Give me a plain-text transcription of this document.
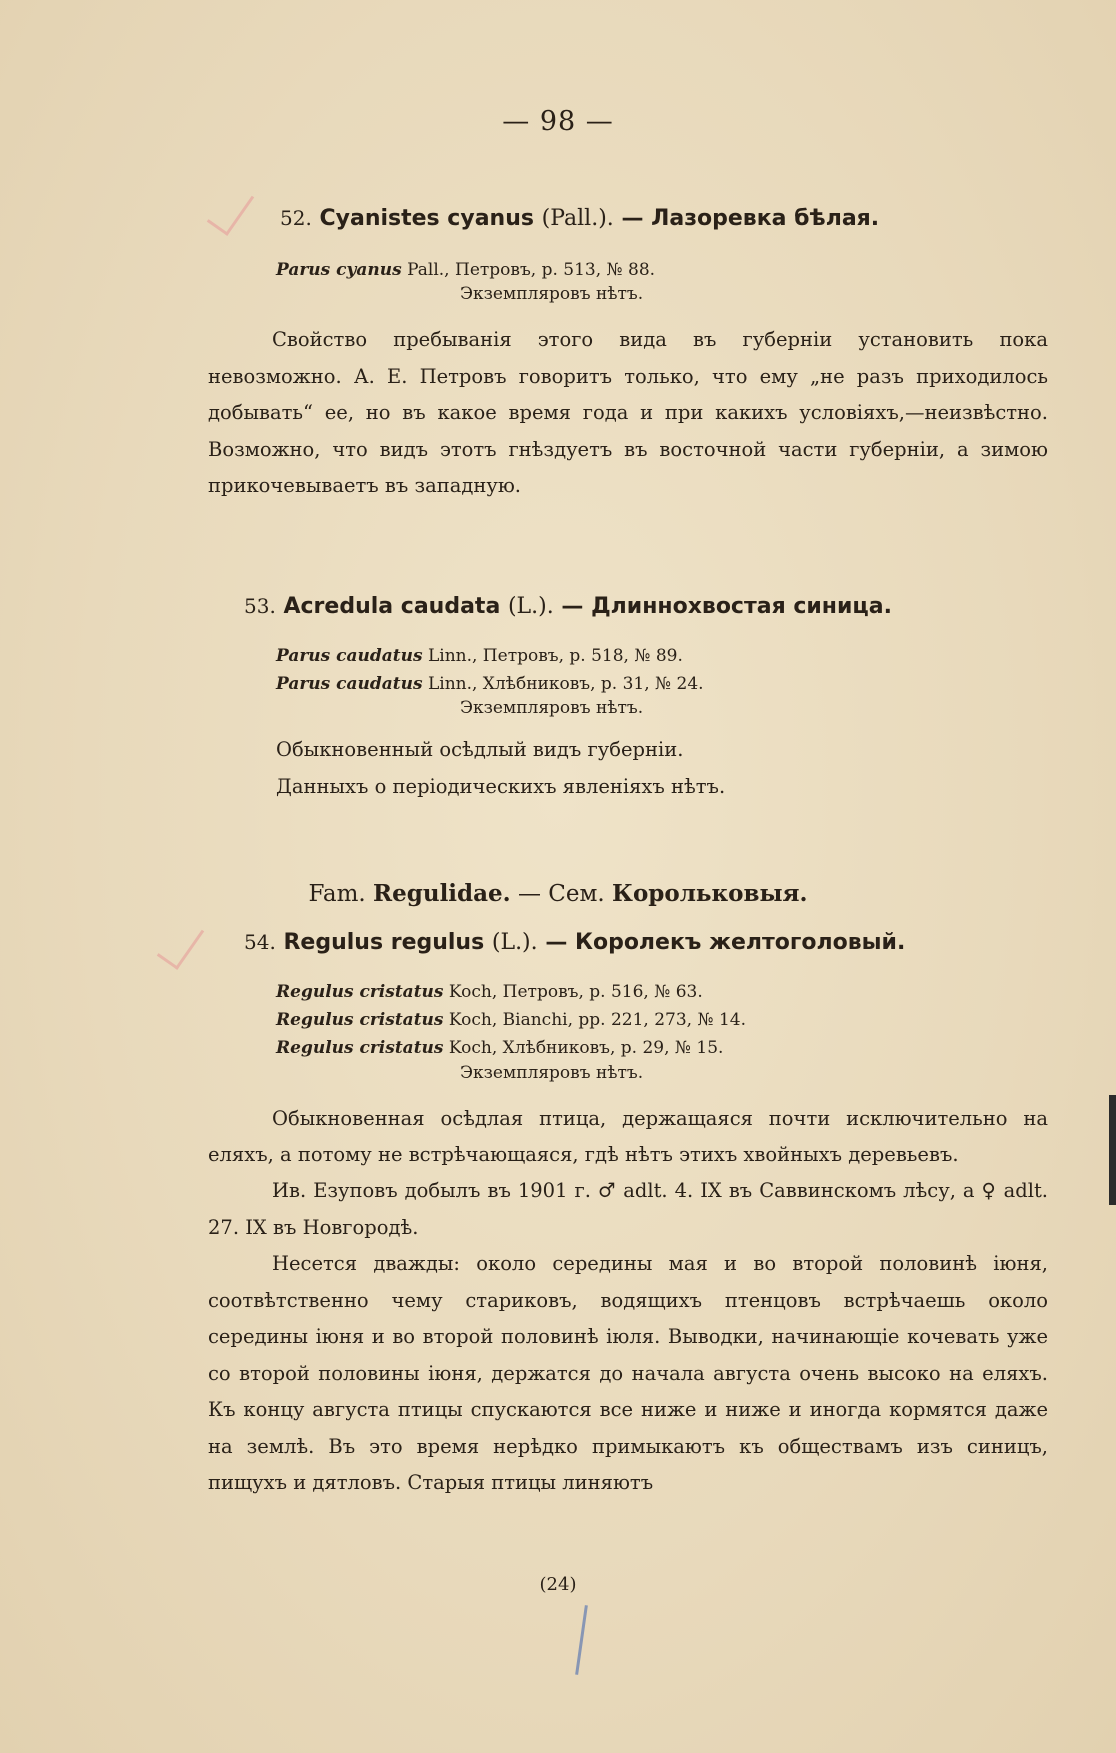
— 98 —
52. Cyanistes cyanus (Pall.). — Лазоревка бѣлая.
Parus cyanus Pall., Петровъ, p. 513, № 88.
Экземпляровъ нѣтъ.
Свойство пребыванія этого вида въ губерніи установить пока невозможно. А. Е. Петровъ говоритъ только, что ему „не разъ приходилось добывать“ ее, но въ какое время года и при какихъ условіяхъ,—неизвѣстно. Возможно, что видъ этотъ гнѣздуетъ въ восточной части губерніи, а зимою прикочевываетъ въ западную.
53. Acredula caudata (L.). — Длиннохвостая синица.
Parus caudatus Linn., Петровъ, p. 518, № 89.
Parus caudatus Linn., Хлѣбниковъ, p. 31, № 24.
Экземпляровъ нѣтъ.
Обыкновенный осѣдлый видъ губерніи.
Данныхъ о періодическихъ явленіяхъ нѣтъ.
Fam. Regulidae. — Сем. Корольковыя.
54. Regulus regulus (L.). — Королекъ желтоголовый.
Regulus cristatus Koch, Петровъ, p. 516, № 63.
Regulus cristatus Koch, Bianchi, pp. 221, 273, № 14.
Regulus cristatus Koch, Хлѣбниковъ, p. 29, № 15.
Экземпляровъ нѣтъ.
Обыкновенная осѣдлая птица, держащаяся почти исключительно на еляхъ, а потому не встрѣчающаяся, гдѣ нѣтъ этихъ хвойныхъ деревьевъ.
Ив. Езуповъ добылъ въ 1901 г. ♂ adlt. 4. IX въ Саввинскомъ лѣсу, а ♀ adlt. 27. IX въ Новгородѣ.
Несется дважды: около середины мая и во второй половинѣ іюня, соотвѣтственно чему стариковъ, водящихъ птенцовъ встрѣчаешь около середины іюня и во второй половинѣ іюля. Выводки, начинающіе кочевать уже со второй половины іюня, держатся до начала августа очень высоко на еляхъ. Къ концу августа птицы спускаются все ниже и ниже и иногда кормятся даже на землѣ. Въ это время нерѣдко примыкаютъ къ обществамъ изъ синицъ, пищухъ и дятловъ. Старыя птицы линяютъ
(24)
